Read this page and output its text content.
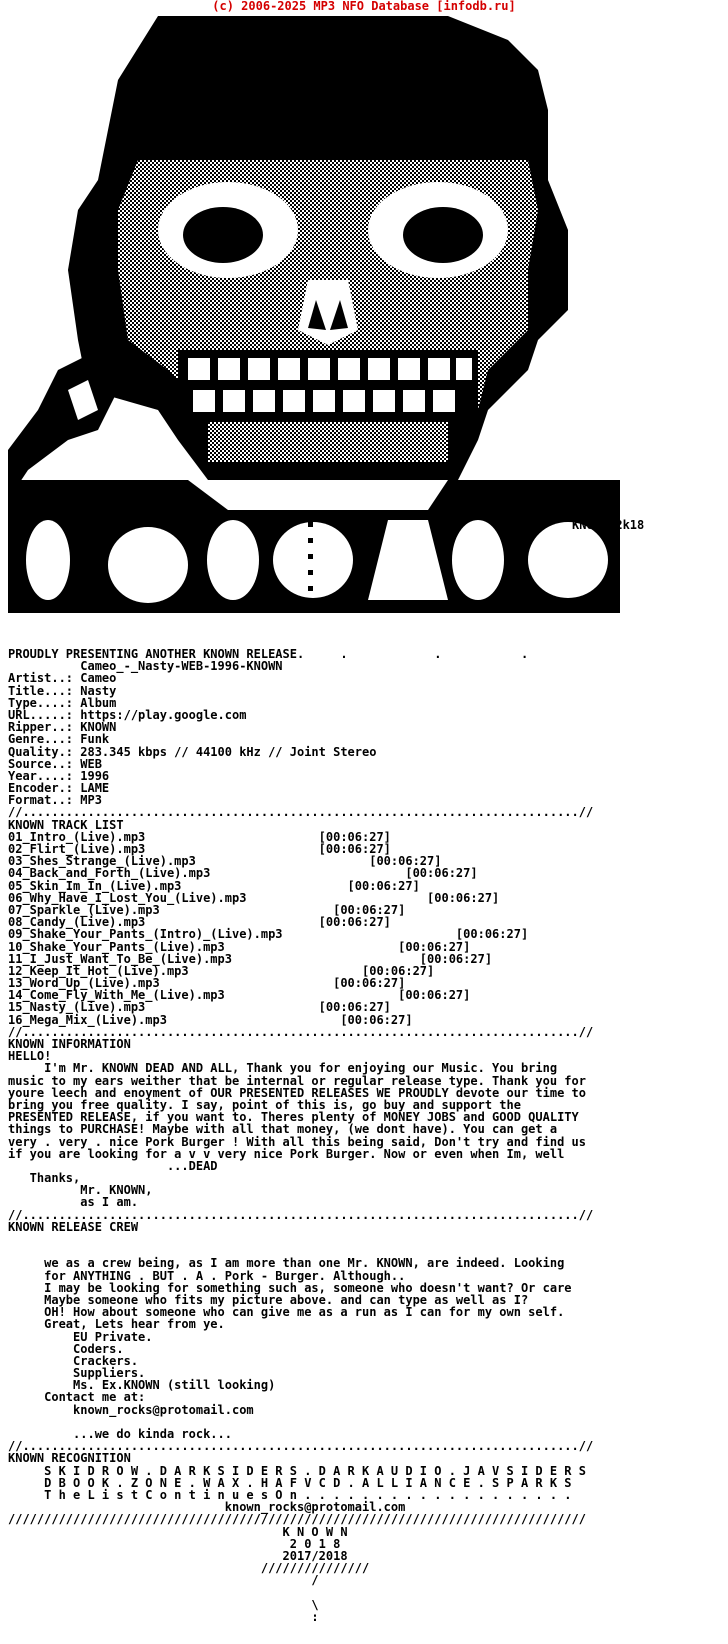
(c) 2006-2025 MP3 NFO Database [infodb.ru]
KNOWN.2k18
PROUDLY PRESENTING ANOTHER KNOWN RELEASE.     .            .           .
Cameo_-_Nasty-WEB-1996-KNOWN
Artist..: Cameo
Title...: Nasty
Type....: Album
URL.....: https://play.google.com
Ripper..: KNOWN
Genre...: Funk
Quality.: 283.345 kbps // 44100 kHz // Joint Stereo
Source..: WEB
Year....: 1996
Encoder.: LAME
Format..: MP3
//.............................................................................//
KNOWN TRACK LIST
01_Intro_(Live).mp3                        [00:06:27]
02_Flirt_(Live).mp3                        [00:06:27]
03_Shes_Strange_(Live).mp3                        [00:06:27]
04_Back_and_Forth_(Live).mp3                           [00:06:27]
05_Skin_Im_In_(Live).mp3                       [00:06:27]
06_Why_Have_I_Lost_You_(Live).mp3                         [00:06:27]
07_Sparkle_(Live).mp3                        [00:06:27]
08_Candy_(Live).mp3                        [00:06:27]
09_Shake_Your_Pants_(Intro)_(Live).mp3                        [00:06:27]
10_Shake_Your_Pants_(Live).mp3                        [00:06:27]
11_I_Just_Want_To_Be_(Live).mp3                          [00:06:27]
12_Keep_It_Hot_(Live).mp3                        [00:06:27]
13_Word_Up_(Live).mp3                        [00:06:27]
14_Come_Fly_With_Me_(Live).mp3                        [00:06:27]
15_Nasty_(Live).mp3                        [00:06:27]
16_Mega_Mix_(Live).mp3                        [00:06:27]
//.............................................................................//
KNOWN INFORMATION
HELLO!
I'm Mr. KNOWN DEAD AND ALL, Thank you for enjoying our Music. You bring
music to my ears weither that be internal or regular release type. Thank you for
youre leech and enoyment of OUR PRESENTED RELEASES WE PROUDLY devote our time to
bring you free quality. I say, point of this is, go buy and support the
PRESENTED RELEASE, if you want to. Theres plenty of MONEY JOBS and GOOD QUALITY
things to PURCHASE! Maybe with all that money, (we dont have). You can get a
very . very . nice Pork Burger ! With all this being said, Don't try and find us
if you are looking for a v v very nice Pork Burger. Now or even when Im, well
...DEAD
Thanks,
Mr. KNOWN,
as I am.
//.............................................................................//
KNOWN RELEASE CREW
we as a crew being, as I am more than one Mr. KNOWN, are indeed. Looking
for ANYTHING . BUT . A . Pork - Burger. Although..
I may be looking for something such as, someone who doesn't want? Or care
Maybe someone who fits my picture above. and can type as well as I?
OH! How about someone who can give me as a run as I can for my own self.
Great, Lets hear from ye.
EU Private.
Coders.
Crackers.
Suppliers.
Ms. Ex.KNOWN (still looking)
Contact me at:
known_rocks@protomail.com
...we do kinda rock...
//.............................................................................//
KNOWN RECOGNITION
S K I D R O W . D A R K S I D E R S . D A R K A U D I O . J A V S I D E R S
D B O O K . Z O N E . W A X . H A F V C D . A L L I A N C E . S P A R K S
T h e L i s t C o n t i n u e s O n . . . . . . . . . . . . . . . . . . .
known_rocks@protomail.com
////////////////////////////////////////////////////////////////////////////////
K N O W N
2 0 1 8
2017/2018
///////////////
/
\
:
